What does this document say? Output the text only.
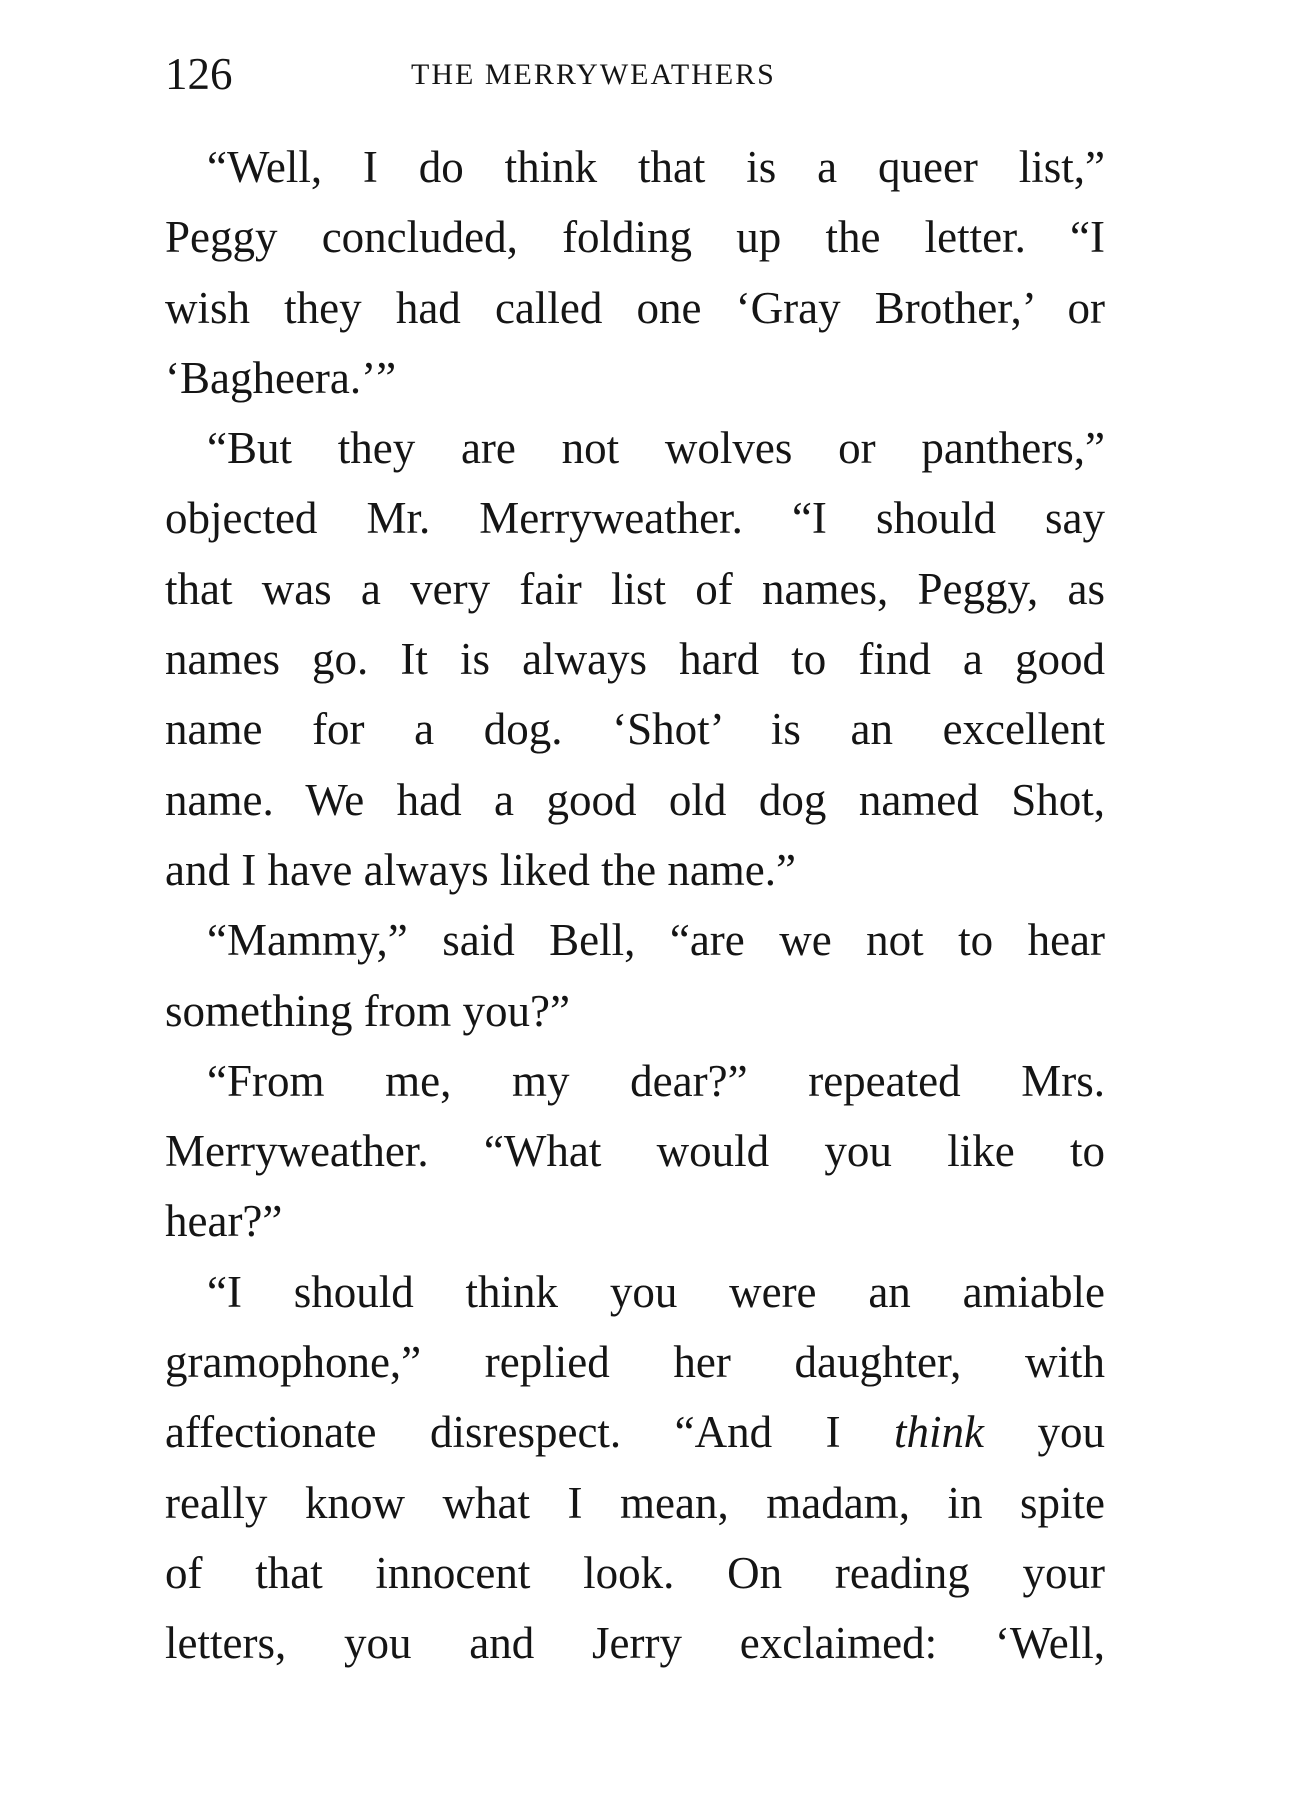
126	THE MERRYWEATHERS
“Well, I do think that is a queer list,”
Peggy concluded, folding up the letter. “I
wish they had called one ‘Gray Brother,’ or
‘Bagheera.’”
“But they are not wolves or panthers,”
objected Mr. Merryweather. “I should say
that was a very fair list of names, Peggy, as
names go. It is always hard to find a good
name for a dog. ‘Shot’ is an excellent
name. We had a good old dog named Shot,
and I have always liked the name.”
“Mammy,” said Bell, “are we not to hear
something from you?”
“From me, my dear?” repeated Mrs.
Merryweather. “What would you like to
hear?”
“I should think you were an amiable
gramophone,” replied her daughter, with
affectionate disrespect. “And I think you
really know what I mean, madam, in spite
of that innocent look. On reading your
letters, you and Jerry exclaimed: ‘Well,
